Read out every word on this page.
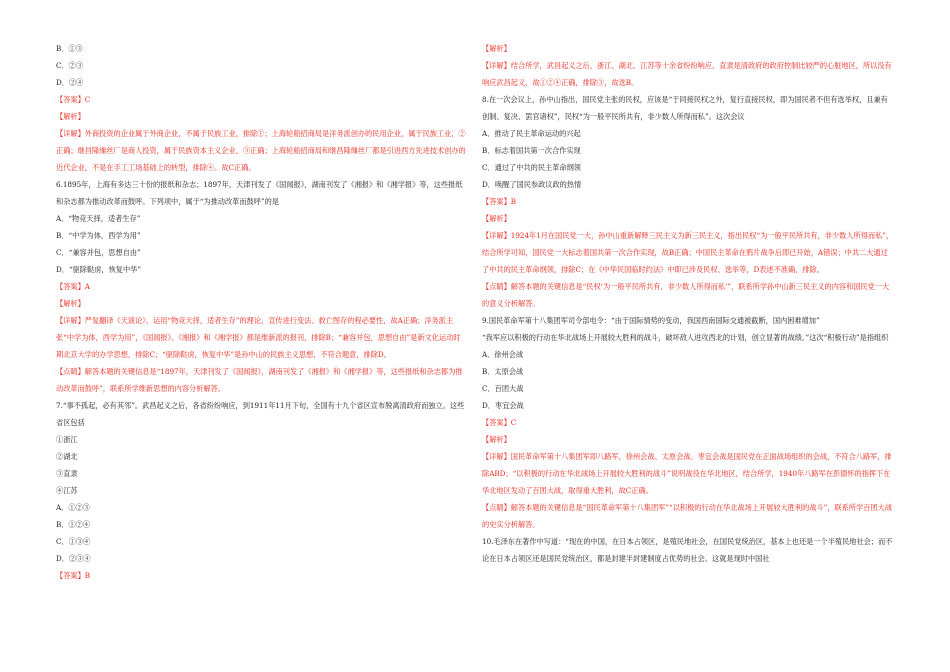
B．①③
C．②③
D．②④
【答案】C
【解析】
【详解】外商投资的企业属于外商企业，不属于民族工业，排除①；上海轮船招商局是洋务派创办的民用企业，属于民族工业，②正确；继昌隆缫丝厂是商人投资，属于民族资本主义企业，③正确；上海轮船招商局和继昌隆缫丝厂都是引进西方先进技术创办的近代企业，不是在手工工场基础上的转型，排除④。故C正确。
6.1895年，上海有多达三十份的报纸和杂志；1897年，天津刊发了《国闻报》，湖南刊发了《湘报》和《湘学报》等，这些报纸和杂志都为推动改革而鼓呼。下列项中，属于“为推动改革而鼓呼”的是
A．“物竞天择，适者生存”
B．“中学为体，西学为用”
C．“兼容并包，思想自由”
D．“驱除鞑虏，恢复中华”
【答案】A
【解析】
【详解】严复翻译《天演论》，运用“物竞天择，适者生存”的理论，宣传进行变法、救亡图存的程必要性，故A正确；洋务派主张“中学为体，西学为用”，《国闻报》、《湘报》和《湘学报》都是维新派的报刊，排除B；“兼容并包，思想自由”是新文化运动时期北京大学的办学思想，排除C；“驱除鞑虏，恢复中华”是孙中山的民族主义思想，不符合题意，排除D。
【点睛】解答本题的关键信息是“1897年，天津刊发了《国闻报》，湖南刊发了《湘报》和《湘学报》等，这些报纸和杂志都为推动改革而鼓呼”，联系所学维新思想的内容分析解答。
7.“事不孤起，必有其邻”。武昌起义之后，各省纷纷响应，到1911年11月下旬，全国有十九个省区宣布脱离清政府而独立。这些省区包括
①浙江
②湖北
③直隶
④江苏
A．①②③
B．①②④
C．①③④
D．②③④
【答案】B
【解析】
【详解】结合所学，武昌起义之后，浙江、湖北、江苏等十余省纷纷响应，直隶是清政府的政府控制比较严的心脏地区，所以没有响应武昌起义，故①②④正确，排除③，故选B。
8.在一次会议上，孙中山指出，国民党主张的民权，应该是“于同接民权之外，复行直接民权，即为国民者不但有选举权，且兼有创制、复决、罢官诸权”，民权“为一般平民所共有，非少数人所得而私”。这次会议
A．推动了民主革命运动的兴起
B．标志着国共第一次合作实现
C．通过了中共的民主革命纲领
D．唤醒了国民参政议政的热情
【答案】B
【解析】
【详解】1924年1月在国民党一大，孙中山重新解释三民主义为新三民主义，指出民权“为一般平民所共有，非少数人所得而私”，结合所学可知，国民党一大标志着国共第一次合作实现，故B正确；中国民主革命在鸦片战争后即已开始，A错误；中共二大通过了中共的民主革命纲领，排除C；在《中华民国临时约法》中即已涉及民权、选举等，D表述不准确，排除。
【点睛】解答本题的关键信息是“民权‘为一般平民所共有，非少数人所得而私’”，联系所学孙中山新三民主义的内容和国民党一大的意义分析解答。
9.国民革命军第十八集团军司令部电令：“由于国际情势的变动，我国西南国际交通被截断，国内困难增加”
“我军应以积极的行动在华北战场上开展较大胜利的战斗，破坏敌人进攻西北的计划，创立显著的战绩。”这次“积极行动”是指组织
A．徐州会战
B．太原会战
C．百团大战
D．枣宜会战
【答案】C
【解析】
【详解】国民革命军第十八集团军即八路军，徐州会战、太原会战、枣宜会战是国民党在正面战场组织的会战，不符合八路军，排除ABD；“以积极的行动在华北战场上开展较大胜利的战斗”说明战役在华北地区，结合所学，1940年八路军在彭德怀的指挥下在华北地区发动了百团大战，取得重大胜利，故C正确。
【点睛】解答本题的关键信息是“国民革命军第十八集团军”“以积极的行动在华北战场上开展较大胜利的战斗”，联系所学百团大战的史实分析解答。
10.毛泽东在著作中写道：“现在的中国，在日本占领区，是殖民地社会，在国民党统治区，基本上也还是一个半殖民地社会；而不论在日本占领区还是国民党统治区，都是封建半封建制度占优势的社会。这就是现时中国社
